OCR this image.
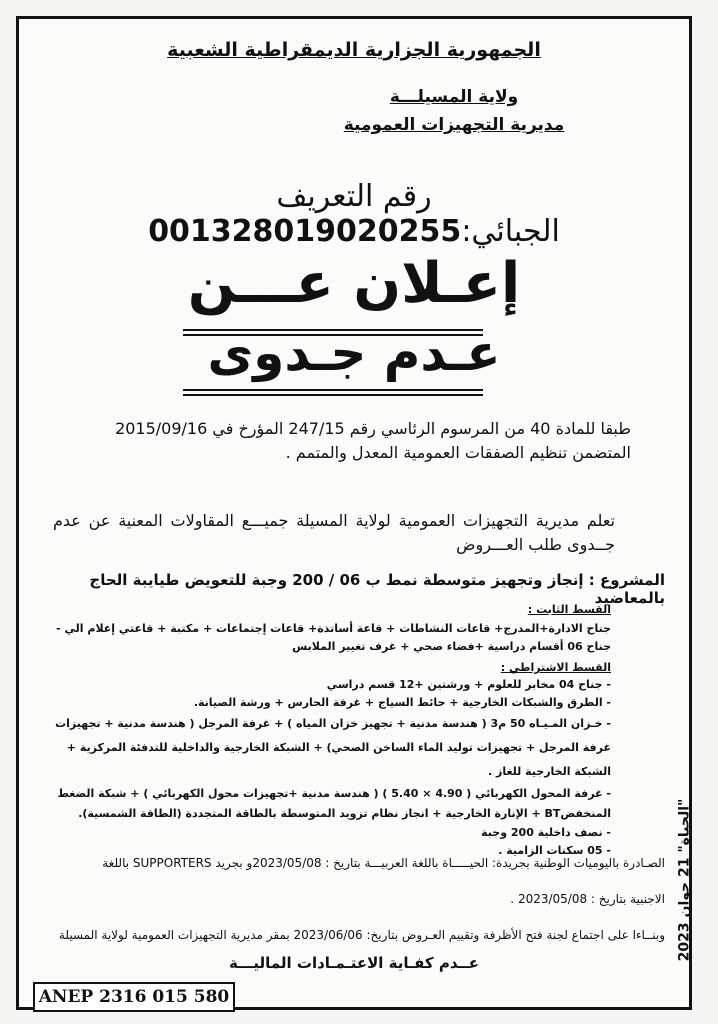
الجمهورية الجزارية الديمقراطية الشعبية
ولاية المسيلـــة
مديرية التجهيزات العمومية
رقم التعريف الجبائي:001328019020255
إعـلان عـــن
عـدم جـدوى
طبقا للمادة 40 من المرسوم الرئاسي رقم 247/15 المؤرخ في 2015/09/16 المتضمن تنظيم الصفقات العمومية المعدل والمتمم .
تعلم مديرية التجهيزات العمومية لولاية المسيلة جميـــع المقاولات المعنية عن عدم جــدوى طلب العـــروض
المشروع : إنجاز وتجهيز متوسطة نمط ب 06 / 200 وجبة للتعويض طيايبة الحاج بالمعاضيد
القسط الثابت :
جناح الادارة+المدرج+ قاعات النشاطات + قاعة أساتذة+ قاعات إجتماعات + مكتبة + قاعتي إعلام الي -
جناح 06 أقسام دراسية +فضاء صحي + غرف تغيير الملابس
القسط الاشتراطي :
- جناح 04 مخابر للعلوم + ورشتين +12 قسم دراسي
- الطرق والشبكات الخارجية + حائط السياج + غرفة الحارس + ورشة الصيانة.
- خـزان المـيـاه 50 م3 ( هندسة مدنية + تجهيز خزان المياه ) + غرفة المرجل ( هندسة مدنية + تجهيزات غرفة المرجل + تجهيزات توليد الماء الساخن الصحي) + الشبكة الخارجية والداخلية للتدفئة المركزية + الشبكة الخارجية للغاز .
- غرفة المحول الكهربائي ( 4.90 × 5.40 ) ( هندسة مدنية +تجهيزات محول الكهربائي ) + شبكة الضغط المنخفضBT + الإنارة الخارجية + انجاز نظام تزويد المتوسطة بالطاقة المتجددة (الطاقة الشمسية).
- نصف داخلية 200 وجبة
- 05 سكنات الزامية .
الصـادرة باليوميات الوطنية بجريدة: الحيـــــاة باللغة العربيـــة بتاريخ : 2023/05/08و بجريد SUPPORTERS باللغة
الاجنبية بتاريخ : 2023/05/08 .
وبنــاءا على اجتماع لجنة فتح الأظرفة وتقييم العـروض بتاريخ: 2023/06/06 بمقر مديرية التجهيزات العمومية لولاية المسيلة
عــدم كفـاية الاعتـمـادات الماليـــة
"الحياة" 21 جوان 2023
ANEP 2316 015 580
